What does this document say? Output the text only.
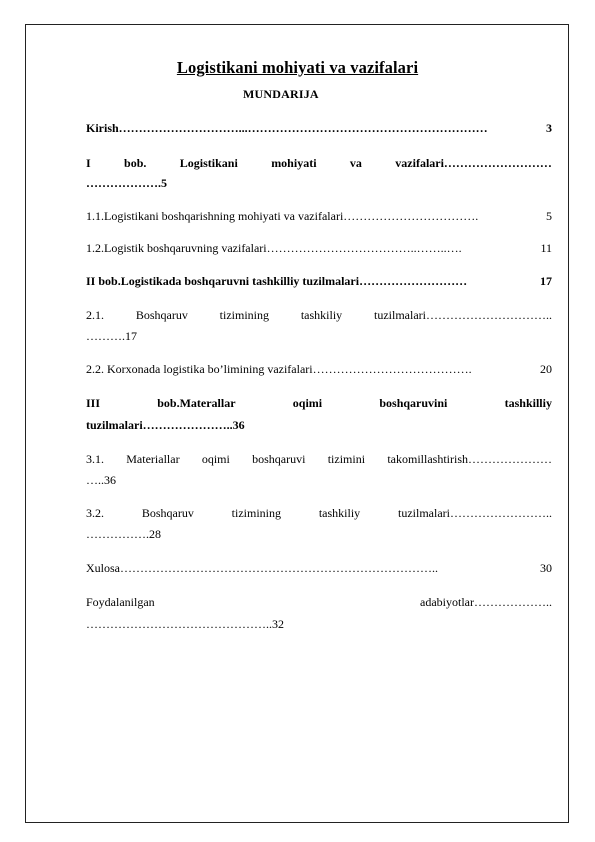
Logistikani mohiyati va vazifalari
MUNDARIJA
Kirish …………………………...……………………………………………………	3
I	bob.	Logistikani	mohiyati	va	vazifalari………………………
……………….5
1.1.Logistikani boshqarishning mohiyati va vazifalari …………………………….	5
1.2.Logistik boshqaruvning vazifalari ………………………………..……..….	11
II bob.Logistikada boshqaruvni tashkilliy tuzilmalari ………………………	17
2.1.	Boshqaruv	tizimining	tashkiliy	tuzilmalari…………………………..
……….17
2.2. Korxonada logistika bo’limining vazifalari ………………………………….	20
III	bob.Materallar	oqimi	boshqaruvini	tashkilliy
tuzilmalari…………………..36
3.1. Materiallar oqimi boshqaruvi tizimini takomillashtirish…………………
…..36
3.2.	Boshqaruv	tizimining	tashkiliy	tuzilmalari……………………..
…………….28
Xulosa ……………………………………………………………………..	30
Foydalanilgan	adabiyotlar………………..
………………………………………..32
